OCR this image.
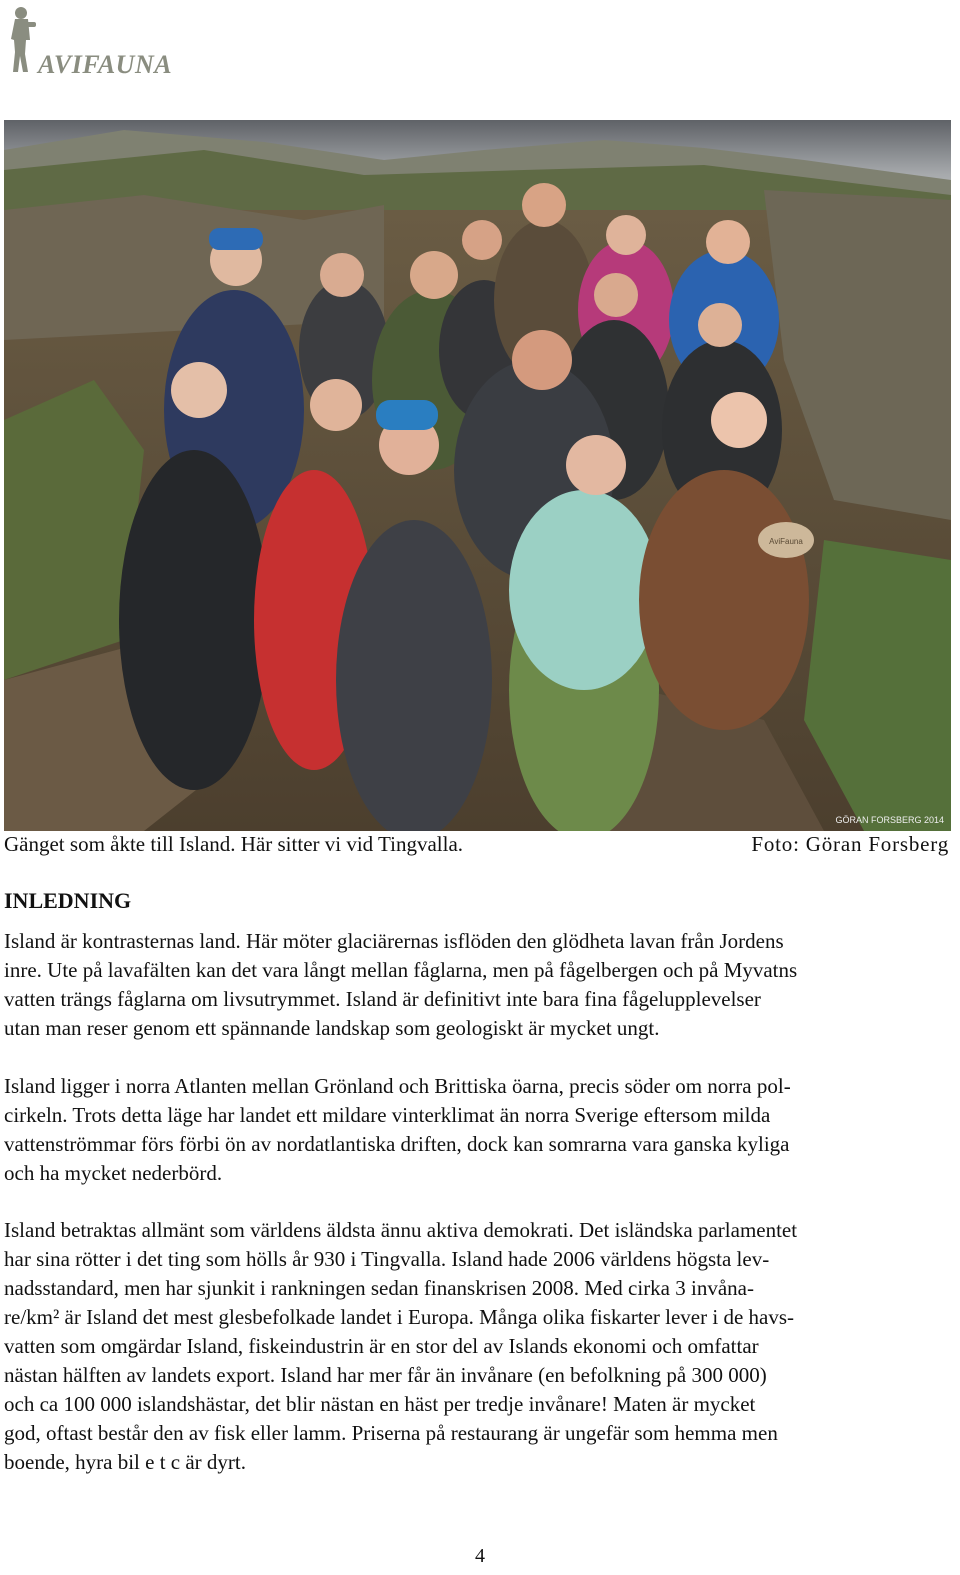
AVIFAUNA
AviFauna
GÖRAN FORSBERG 2014
Gänget som åkte till Island. Här sitter vi vid Tingvalla.	Foto: Göran Forsberg
INLEDNING
Island är kontrasternas land. Här möter glaciärernas isflöden den glödheta lavan från Jordens
inre. Ute på lavafälten kan det vara långt mellan fåglarna, men på fågelbergen och på Myvatns
vatten trängs fåglarna om livsutrymmet. Island är definitivt inte bara fina fågelupplevelser
utan man reser genom ett spännande landskap som geologiskt är mycket ungt.
Island ligger i norra Atlanten mellan Grönland och Brittiska öarna, precis söder om norra pol-
cirkeln. Trots detta läge har landet ett mildare vinterklimat än norra Sverige eftersom milda
vattenströmmar förs förbi ön av nordatlantiska driften, dock kan somrarna vara ganska kyliga
och ha mycket nederbörd.
Island betraktas allmänt som världens äldsta ännu aktiva demokrati. Det isländska parlamentet
har sina rötter i det ting som hölls år 930 i Tingvalla. Island hade 2006 världens högsta lev-
nadsstandard, men har sjunkit i rankningen sedan finanskrisen 2008. Med cirka 3 invåna-
re/km² är Island det mest glesbefolkade landet i Europa. Många olika fiskarter lever i de havs-
vatten som omgärdar Island, fiskeindustrin är en stor del av Islands ekonomi och omfattar
nästan hälften av landets export. Island har mer får än invånare (en befolkning på 300 000)
och ca 100 000 islandshästar, det blir nästan en häst per tredje invånare! Maten är mycket
god, oftast består den av fisk eller lamm. Priserna på restaurang är ungefär som hemma men
boende, hyra bil e t c är dyrt.
4
